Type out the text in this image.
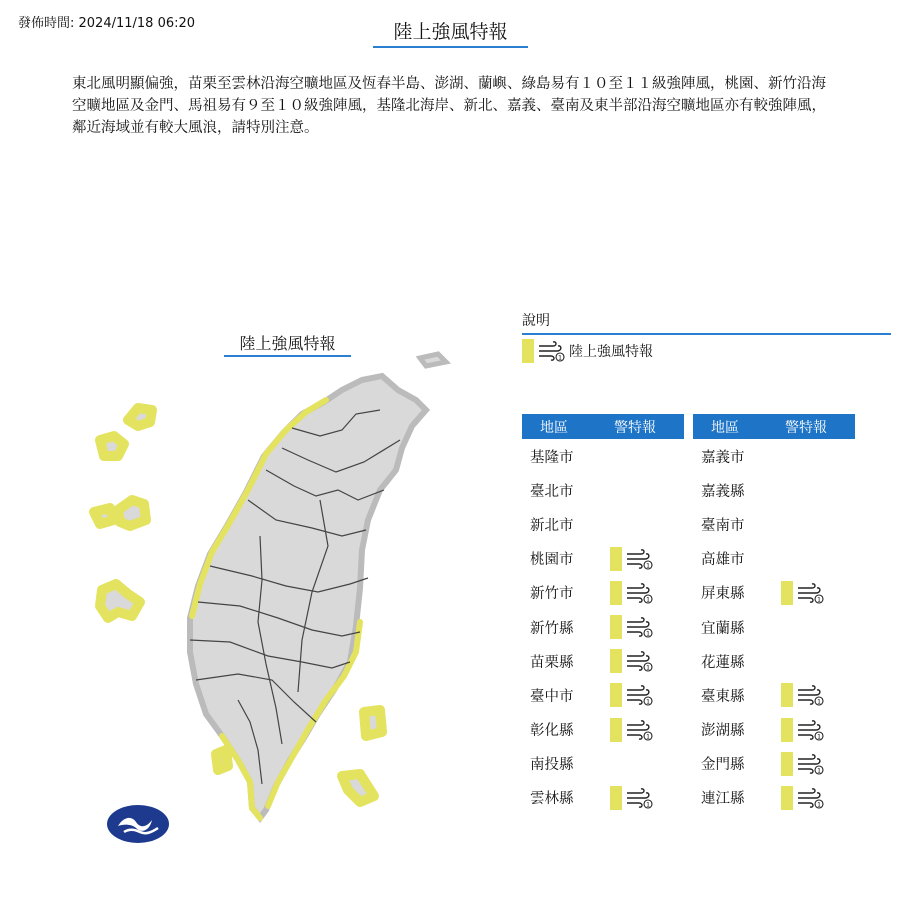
發佈時間: 2024/11/18 06:20	陸上強風特報
東北風明顯偏強，苗栗至雲林沿海空曠地區及恆春半島、澎湖、蘭嶼、綠島易有１０至１１級強陣風，桃園、新竹沿海空曠地區及金門、馬祖易有９至１０級強陣風，基隆北海岸、新北、嘉義、臺南及東半部沿海空曠地區亦有較強陣風，鄰近海域並有較大風浪，請特別注意。
陸上強風特報
說明
1 陸上強風特報
地區	警特報
基隆市
臺北市
新北市
桃園市	1
新竹市	1
新竹縣	1
苗栗縣	1
臺中市	1
彰化縣	1
南投縣
雲林縣	1
地區	警特報
嘉義市
嘉義縣
臺南市
高雄市
屏東縣	1
宜蘭縣
花蓮縣
臺東縣	1
澎湖縣	1
金門縣	1
連江縣	1
